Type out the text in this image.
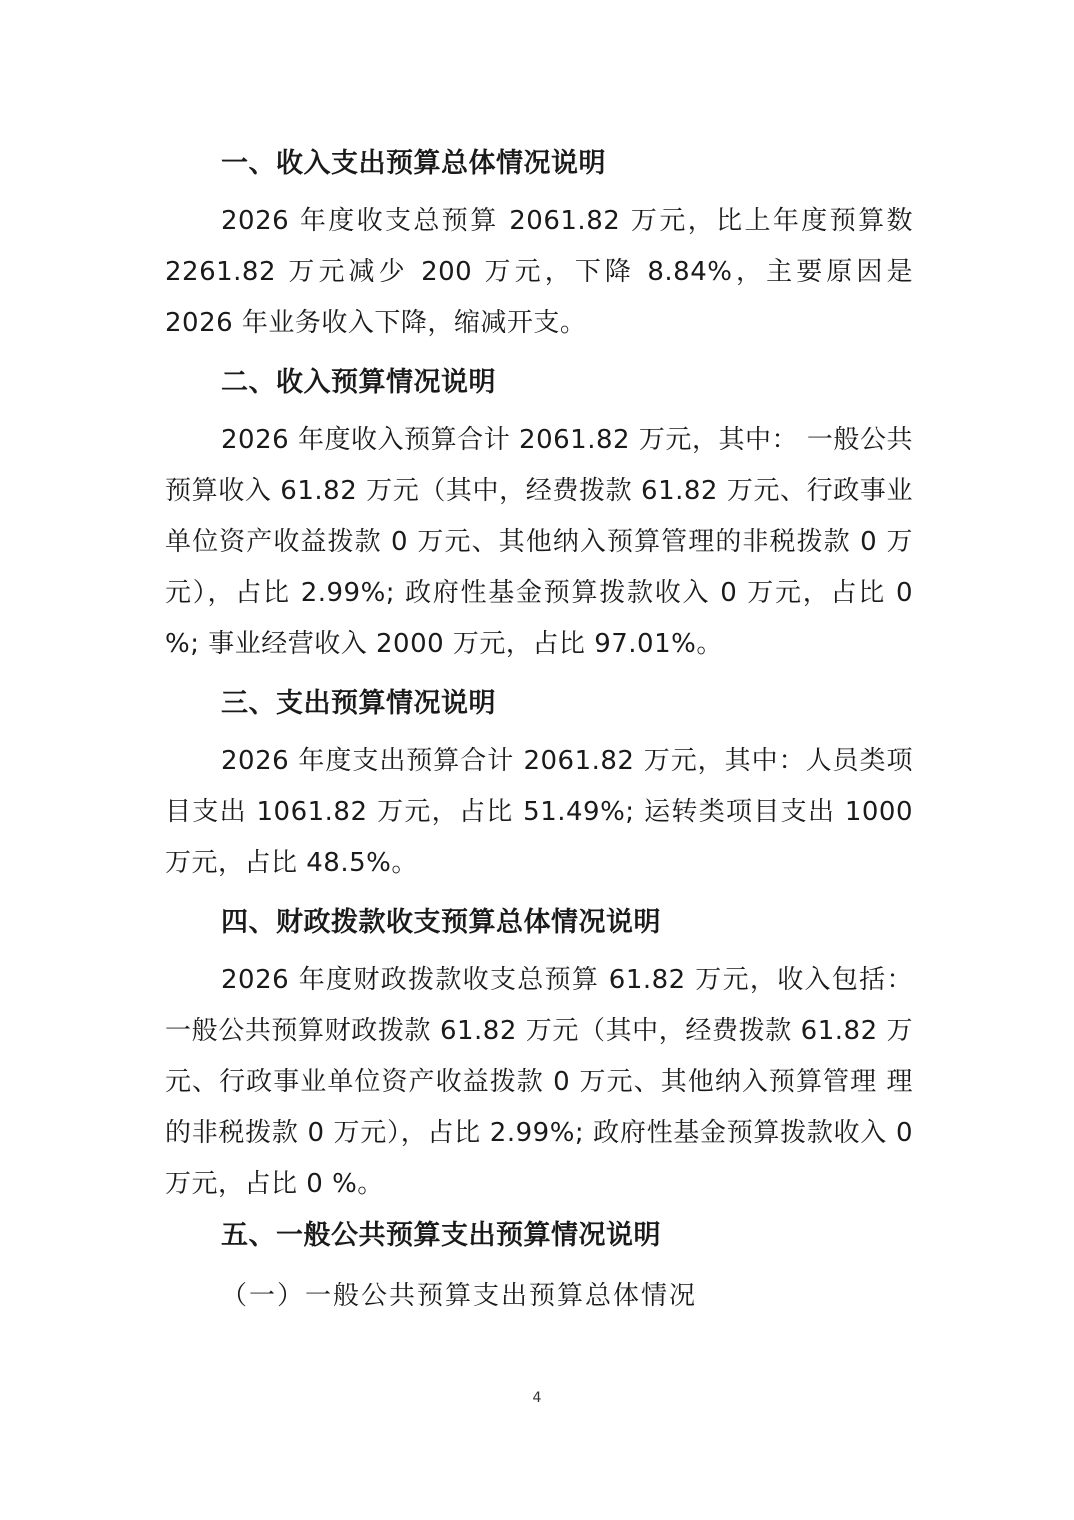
一、收入支出预算总体情况说明

2026 年度收支总预算 2061.82 万元，比上年度预算数 2261.82 万元减少 200 万元，下降 8.84%，主要原因是 2026 年业务收入下降，缩减开支。

二、收入预算情况说明

2026 年度收入预算合计 2061.82 万元，其中： 一般公共预算收入 61.82 万元（其中，经费拨款 61.82 万元、行政事业单位资产收益拨款 0 万元、其他纳入预算管理的非税拨款 0 万元），占比 2.99%; 政府性基金预算拨款收入 0 万元，占比 0 %; 事业经营收入 2000 万元，占比 97.01%。

三、支出预算情况说明

2026 年度支出预算合计 2061.82 万元，其中：人员类项目支出 1061.82 万元，占比 51.49%; 运转类项目支出 1000 万元，占比 48.5%。

四、财政拨款收支预算总体情况说明

2026 年度财政拨款收支总预算 61.82 万元，收入包括：一般公共预算财政拨款 61.82 万元（其中，经费拨款 61.82 万元、行政事业单位资产收益拨款 0 万元、其他纳入预算管理 理的非税拨款 0 万元），占比 2.99%; 政府性基金预算拨款收入 0 万元，占比 0 %。

五、一般公共预算支出预算情况说明

（一）一般公共预算支出预算总体情况

4
